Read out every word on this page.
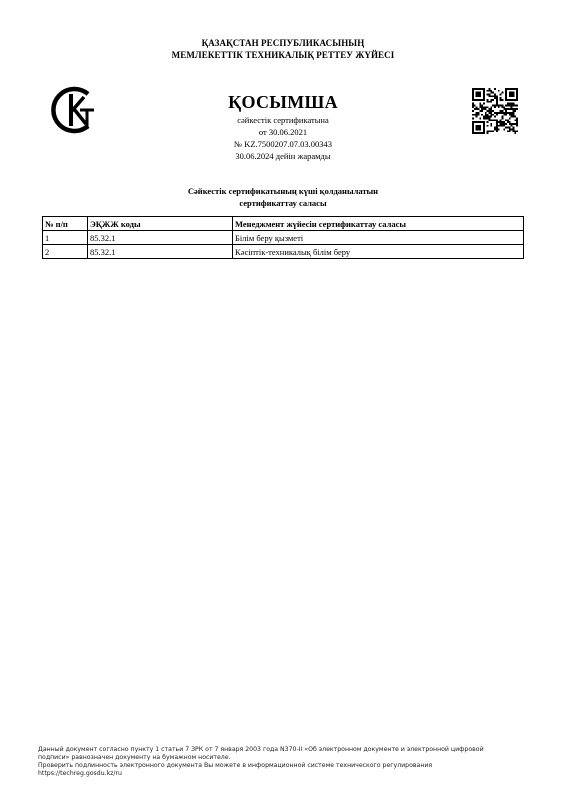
ҚАЗАҚСТАН РЕСПУБЛИКАСЫНЫҢ
МЕМЛЕКЕТТІК ТЕХНИКАЛЫҚ РЕТТЕУ ЖҮЙЕСІ
ҚОСЫМША
сәйкестік сертификатына
от 30.06.2021
№ KZ.7500207.07.03.00343
30.06.2024 дейін жарамды
Сәйкестік сертификатының күші қолданылатын
сертификаттау саласы
№ п/п	ЭҚЖЖ коды	Менеджмент жүйесін сертификаттау саласы
1	85.32.1	Білім беру қызметі
2	85.32.1	Кәсіптік-техникалық білім беру
Данный документ согласно пункту 1 статьи 7 ЗРК от 7 января 2003 года N370-II «Об электронном документе и электронной цифровой
подписи» равнозначен документу на бумажном носителе.
Проверить подлинность электронного документа Вы можете в информационной системе технического регулирования
https://techreg.gosdu.kz/ru
